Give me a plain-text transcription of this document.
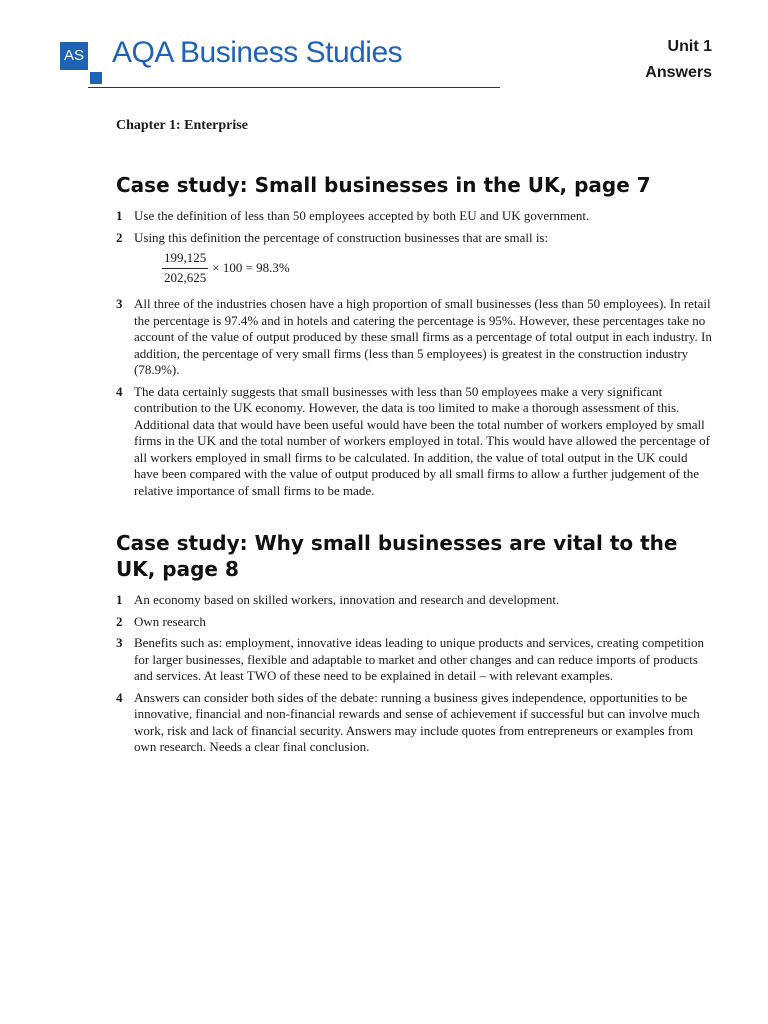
AS AQA Business Studies	Unit 1
Answers
Chapter 1: Enterprise
Case study: Small businesses in the UK, page 7
1 Use the definition of less than 50 employees accepted by both EU and UK government.
2 Using this definition the percentage of construction businesses that are small is:
$\frac{199,125}{202,625} \times 100 = 98.3\%$
3 All three of the industries chosen have a high proportion of small businesses (less than 50 employees). In retail the percentage is 97.4% and in hotels and catering the percentage is 95%. However, these percentages take no account of the value of output produced by these small firms as a percentage of total output in each industry. In addition, the percentage of very small firms (less than 5 employees) is greatest in the construction industry (78.9%).
4 The data certainly suggests that small businesses with less than 50 employees make a very significant contribution to the UK economy. However, the data is too limited to make a thorough assessment of this. Additional data that would have been useful would have been the total number of workers employed by small firms in the UK and the total number of workers employed in total. This would have allowed the percentage of all workers employed in small firms to be calculated. In addition, the value of total output in the UK could have been compared with the value of output produced by all small firms to allow a further judgement of the relative importance of small firms to be made.
Case study: Why small businesses are vital to the UK, page 8
1 An economy based on skilled workers, innovation and research and development.
2 Own research
3 Benefits such as: employment, innovative ideas leading to unique products and services, creating competition for larger businesses, flexible and adaptable to market and other changes and can reduce imports of products and services. At least TWO of these need to be explained in detail – with relevant examples.
4 Answers can consider both sides of the debate: running a business gives independence, opportunities to be innovative, financial and non-financial rewards and sense of achievement if successful but can involve much work, risk and lack of financial security. Answers may include quotes from entrepreneurs or examples from own research. Needs a clear final conclusion.
